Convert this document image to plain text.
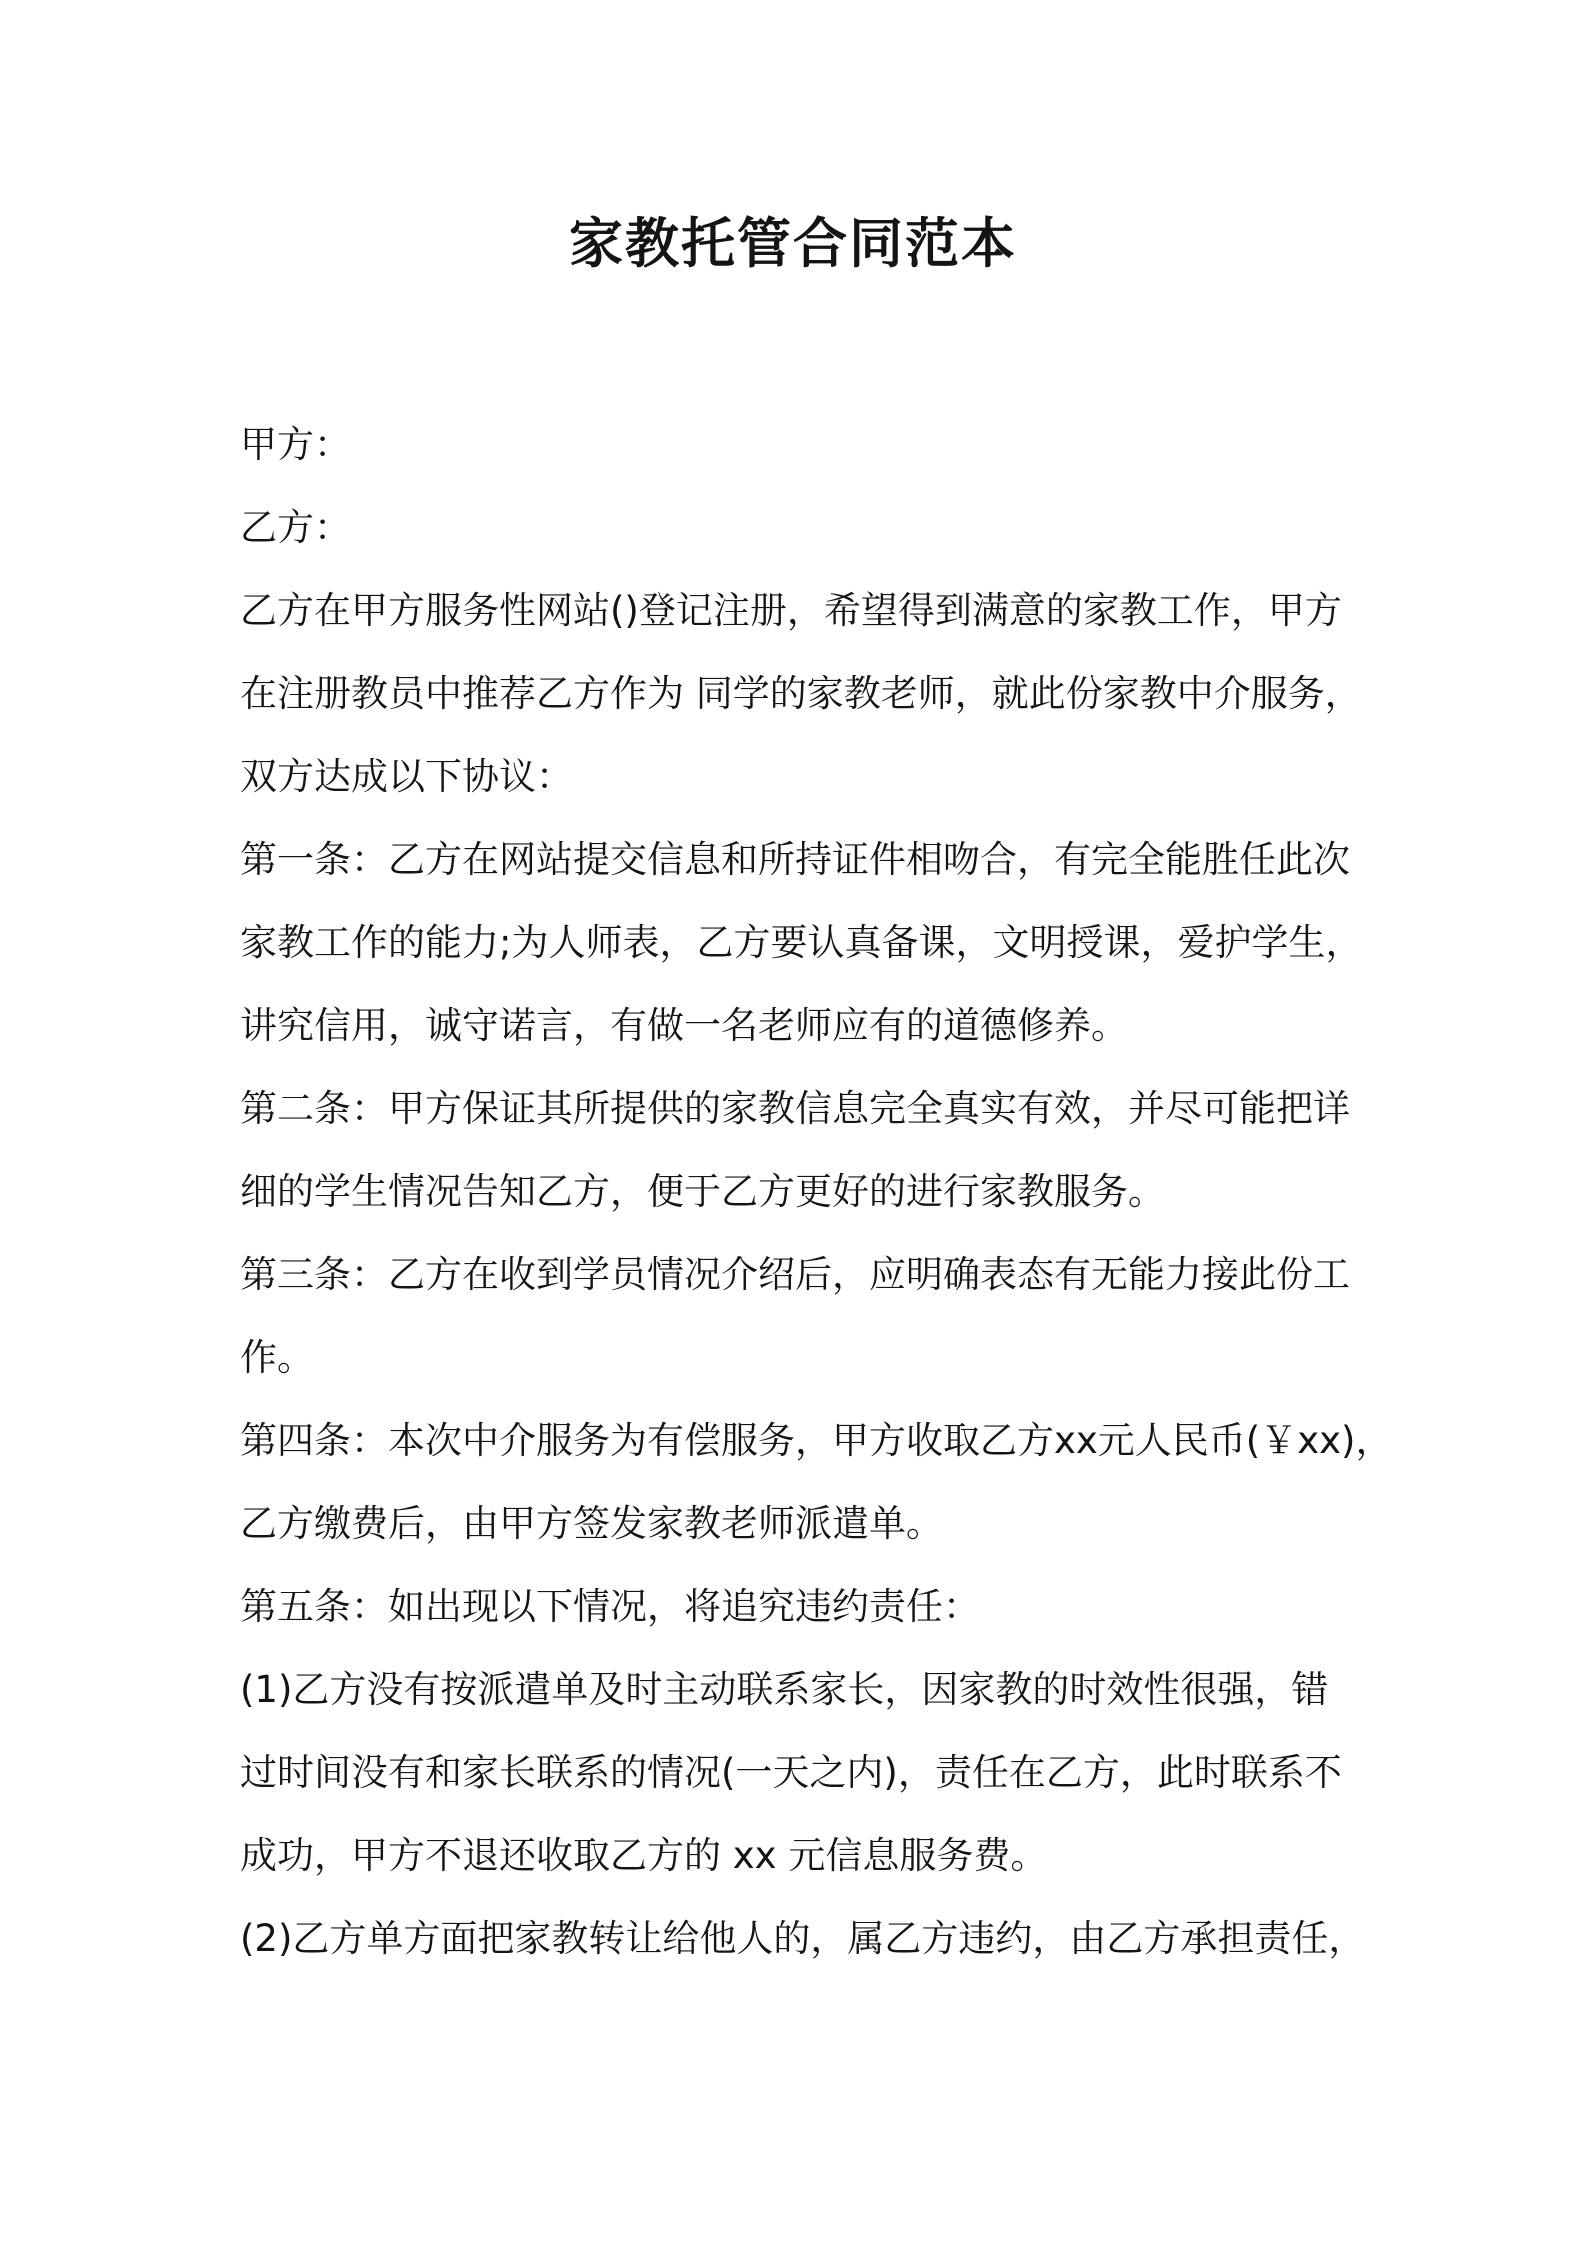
家教托管合同范本
甲方：
乙方：
乙方在甲方服务性网站()登记注册，希望得到满意的家教工作，甲方
在注册教员中推荐乙方作为 同学的家教老师，就此份家教中介服务，
双方达成以下协议：
第一条：乙方在网站提交信息和所持证件相吻合，有完全能胜任此次
家教工作的能力;为人师表，乙方要认真备课，文明授课，爱护学生，
讲究信用，诚守诺言，有做一名老师应有的道德修养。
第二条：甲方保证其所提供的家教信息完全真实有效，并尽可能把详
细的学生情况告知乙方，便于乙方更好的进行家教服务。
第三条：乙方在收到学员情况介绍后，应明确表态有无能力接此份工
作。
第四条：本次中介服务为有偿服务，甲方收取乙方xx元人民币(￥xx)，
乙方缴费后，由甲方签发家教老师派遣单。
第五条：如出现以下情况，将追究违约责任：
(1)乙方没有按派遣单及时主动联系家长，因家教的时效性很强，错
过时间没有和家长联系的情况(一天之内)，责任在乙方，此时联系不
成功，甲方不退还收取乙方的 xx 元信息服务费。
(2)乙方单方面把家教转让给他人的，属乙方违约，由乙方承担责任，
